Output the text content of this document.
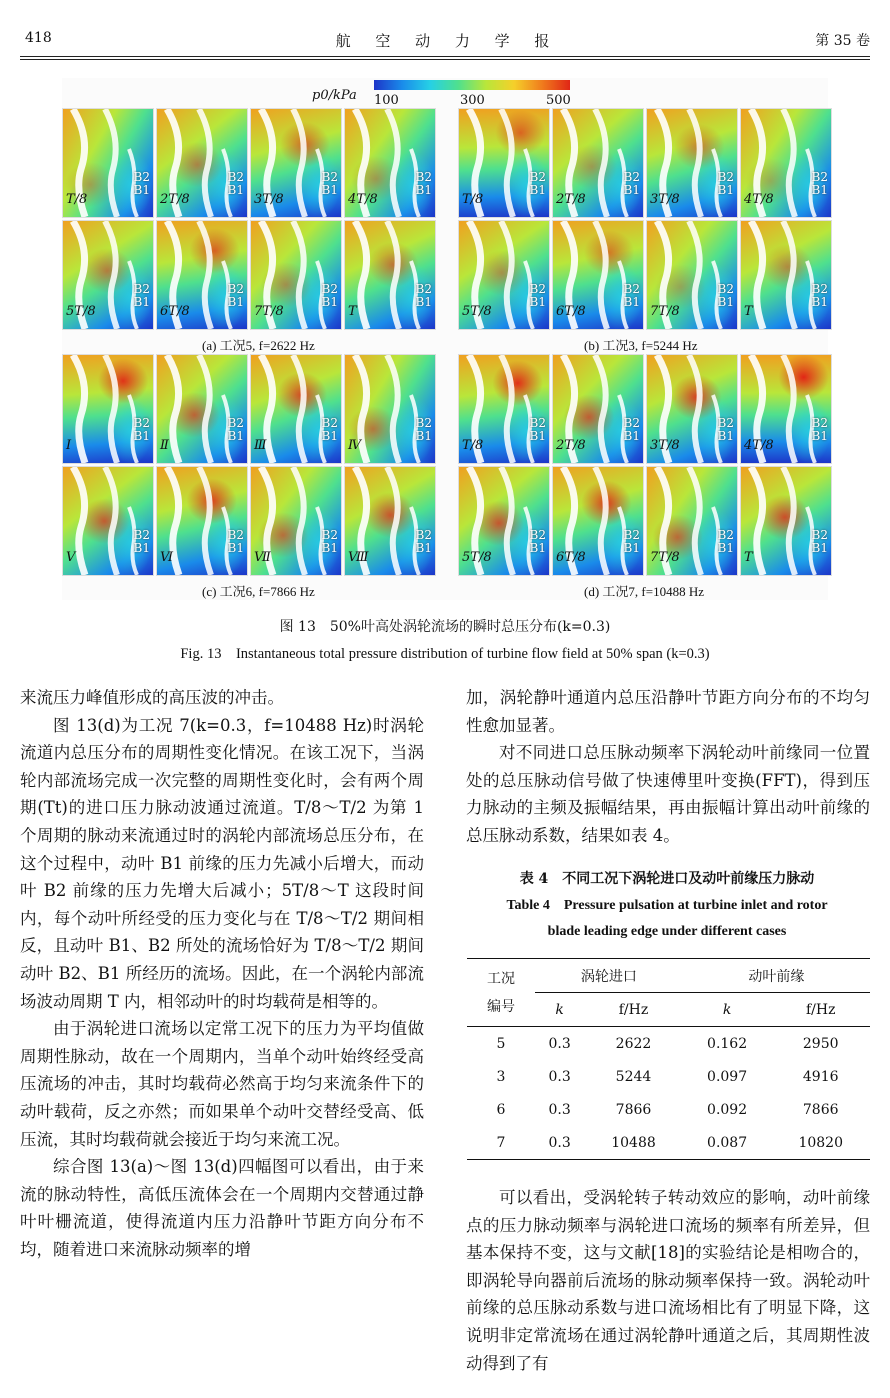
418	航 空 动 力 学 报	第 35 卷
p0/kPa 100	300	500
T/8
B2
B1
2T/8
B2
B1
3T/8
B2
B1
4T/8
B2
B1
5T/8
B2
B1
6T/8
B2
B1
7T/8
B2
B1
T
B2
B1
T/8
B2
B1
2T/8
B2
B1
3T/8
B2
B1
4T/8
B2
B1
5T/8
B2
B1
6T/8
B2
B1
7T/8
B2
B1
T
B2
B1
Ⅰ
B2
B1
Ⅱ
B2
B1
Ⅲ
B2
B1
Ⅳ
B2
B1
Ⅴ
B2
B1
Ⅵ
B2
B1
Ⅶ
B2
B1
Ⅷ
B2
B1
T/8
B2
B1
2T/8
B2
B1
3T/8
B2
B1
4T/8
B2
B1
5T/8
B2
B1
6T/8
B2
B1
7T/8
B2
B1
T
B2
B1
(a) 工况5, f=2622 Hz	(b) 工况3, f=5244 Hz
(c) 工况6, f=7866 Hz	(d) 工况7, f=10488 Hz
图 13　50%叶高处涡轮流场的瞬时总压分布(k=0.3)
Fig. 13　Instantaneous total pressure distribution of turbine flow field at 50% span (k=0.3)

来流压力峰值形成的高压波的冲击。

图 13(d)为工况 7(k=0.3，f=10488 Hz)时涡轮流道内总压分布的周期性变化情况。在该工况下，当涡轮内部流场完成一次完整的周期性变化时，会有两个周期(Tt)的进口压力脉动波通过流道。T/8～T/2 为第 1 个周期的脉动来流通过时的涡轮内部流场总压分布，在这个过程中，动叶 B1 前缘的压力先减小后增大，而动叶 B2 前缘的压力先增大后减小；5T/8～T 这段时间内，每个动叶所经受的压力变化与在 T/8～T/2 期间相反，且动叶 B1、B2 所处的流场恰好为 T/8～T/2 期间动叶 B2、B1 所经历的流场。因此，在一个涡轮内部流场波动周期 T 内，相邻动叶的时均载荷是相等的。

由于涡轮进口流场以定常工况下的压力为平均值做周期性脉动，故在一个周期内，当单个动叶始终经受高压流场的冲击，其时均载荷必然高于均匀来流条件下的动叶载荷，反之亦然；而如果单个动叶交替经受高、低压流，其时均载荷就会接近于均匀来流工况。

综合图 13(a)～图 13(d)四幅图可以看出，由于来流的脉动特性，高低压流体会在一个周期内交替通过静叶叶栅流道，使得流道内压力沿静叶节距方向分布不均，随着进口来流脉动频率的增

加，涡轮静叶通道内总压沿静叶节距方向分布的不均匀性愈加显著。

对不同进口总压脉动频率下涡轮动叶前缘同一位置处的总压脉动信号做了快速傅里叶变换(FFT)，得到压力脉动的主频及振幅结果，再由振幅计算出动叶前缘的总压脉动系数，结果如表 4。

表 4　不同工况下涡轮进口及动叶前缘压力脉动
Table 4　Pressure pulsation at turbine inlet and rotor
blade leading edge under different cases
工况
编号	涡轮进口		动叶前缘	
	k	f/Hz	k	f/Hz
5	0.3	2622	0.162	2950
3	0.3	5244	0.097	4916
6	0.3	7866	0.092	7866
7	0.3	10488	0.087	10820

可以看出，受涡轮转子转动效应的影响，动叶前缘点的压力脉动频率与涡轮进口流场的频率有所差异，但基本保持不变，这与文献[18]的实验结论是相吻合的，即涡轮导向器前后流场的脉动频率保持一致。涡轮动叶前缘的总压脉动系数与进口流场相比有了明显下降，这说明非定常流场在通过涡轮静叶通道之后，其周期性波动得到了有
